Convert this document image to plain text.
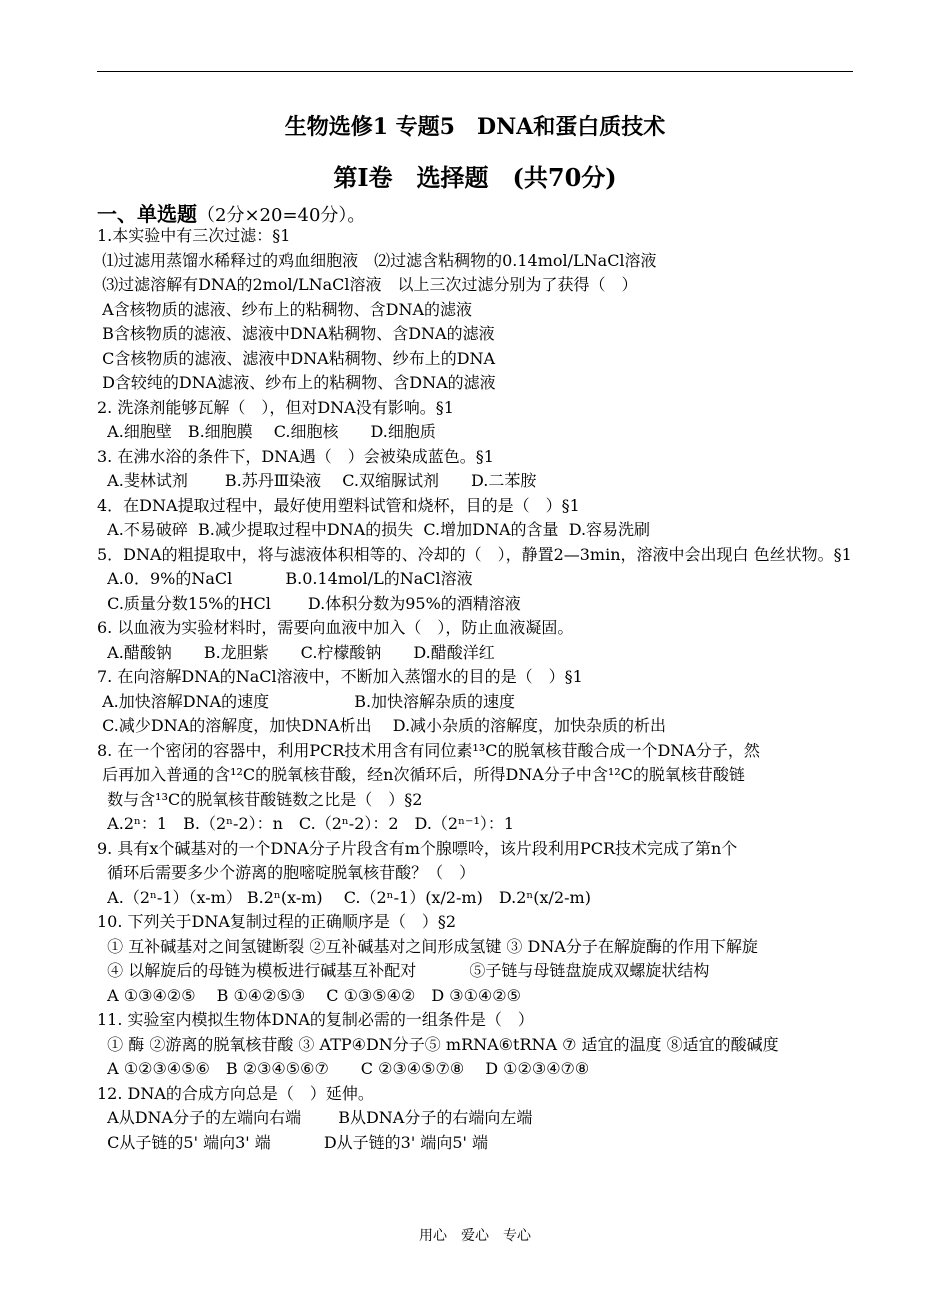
生物选修1 专题5　DNA和蛋白质技术
第Ⅰ卷　选择题　(共70分)
一、单选题（2分×20=40分）。
1.本实验中有三次过滤：§1
⑴过滤用蒸馏水稀释过的鸡血细胞液　⑵过滤含粘稠物的0.14mol/LNaCl溶液
⑶过滤溶解有DNA的2mol/LNaCl溶液　以上三次过滤分别为了获得（　）
A含核物质的滤液、纱布上的粘稠物、含DNA的滤液
B含核物质的滤液、滤液中DNA粘稠物、含DNA的滤液
C含核物质的滤液、滤液中DNA粘稠物、纱布上的DNA
D含较纯的DNA滤液、纱布上的粘稠物、含DNA的滤液
2. 洗涤剂能够瓦解（　），但对DNA没有影响。§1
A.细胞壁　B.细胞膜　 C.细胞核　　D.细胞质
3. 在沸水浴的条件下，DNA遇（　）会被染成蓝色。§1
A.斐林试剂　　 B.苏丹Ⅲ染液　 C.双缩脲试剂　　D.二苯胺
4．在DNA提取过程中，最好使用塑料试管和烧杯，目的是（　）§1
A.不易破碎  B.减少提取过程中DNA的损失  C.增加DNA的含量  D.容易洗刷
5．DNA的粗提取中，将与滤液体积相等的、冷却的（　），静置2—3min，溶液中会出现白 色丝状物。§1
A.0．9%的NaCl　　　 B.0.14mol/L的NaCl溶液
C.质量分数15%的HCl　　 D.体积分数为95%的酒精溶液
6. 以血液为实验材料时，需要向血液中加入（　），防止血液凝固。
A.醋酸钠　　B.龙胆紫　　C.柠檬酸钠　　D.醋酸洋红
7. 在向溶解DNA的NaCl溶液中，不断加入蒸馏水的目的是（　）§1
A.加快溶解DNA的速度　　　　　 B.加快溶解杂质的速度
C.减少DNA的溶解度，加快DNA析出　 D.减小杂质的溶解度，加快杂质的析出
8. 在一个密闭的容器中，利用PCR技术用含有同位素¹³C的脱氧核苷酸合成一个DNA分子，然
后再加入普通的含¹²C的脱氧核苷酸，经n次循环后，所得DNA分子中含¹²C的脱氧核苷酸链
数与含¹³C的脱氧核苷酸链数之比是（　）§2
A.2ⁿ：1　B.（2ⁿ-2）：n　C.（2ⁿ-2）：2　D.（2ⁿ⁻¹）：1
9. 具有x个碱基对的一个DNA分子片段含有m个腺嘌呤，该片段利用PCR技术完成了第n个
循环后需要多少个游离的胞嘧啶脱氧核苷酸？（　）
A.（2ⁿ-1）（x-m） B.2ⁿ(x-m)　 C.（2ⁿ-1）(x/2-m)　D.2ⁿ(x/2-m)
10. 下列关于DNA复制过程的正确顺序是（　）§2
① 互补碱基对之间氢键断裂 ②互补碱基对之间形成氢键 ③ DNA分子在解旋酶的作用下解旋
④ 以解旋后的母链为模板进行碱基互补配对　　　 ⑤子链与母链盘旋成双螺旋状结构
A ①③④②⑤　 B ①④②⑤③　 C ①③⑤④②　D ③①④②⑤
11. 实验室内模拟生物体DNA的复制必需的一组条件是（　）
① 酶 ②游离的脱氧核苷酸 ③ ATP④DN分子⑤ mRNA⑥tRNA ⑦ 适宜的温度 ⑧适宜的酸碱度
A ①②③④⑤⑥　B ②③④⑤⑥⑦　　C ②③④⑤⑦⑧　 D ①②③④⑦⑧
12. DNA的合成方向总是（　）延伸。
A从DNA分子的左端向右端　　 B从DNA分子的右端向左端
C从子链的5' 端向3' 端　　　 D从子链的3' 端向5' 端
用心　爱心　专心
